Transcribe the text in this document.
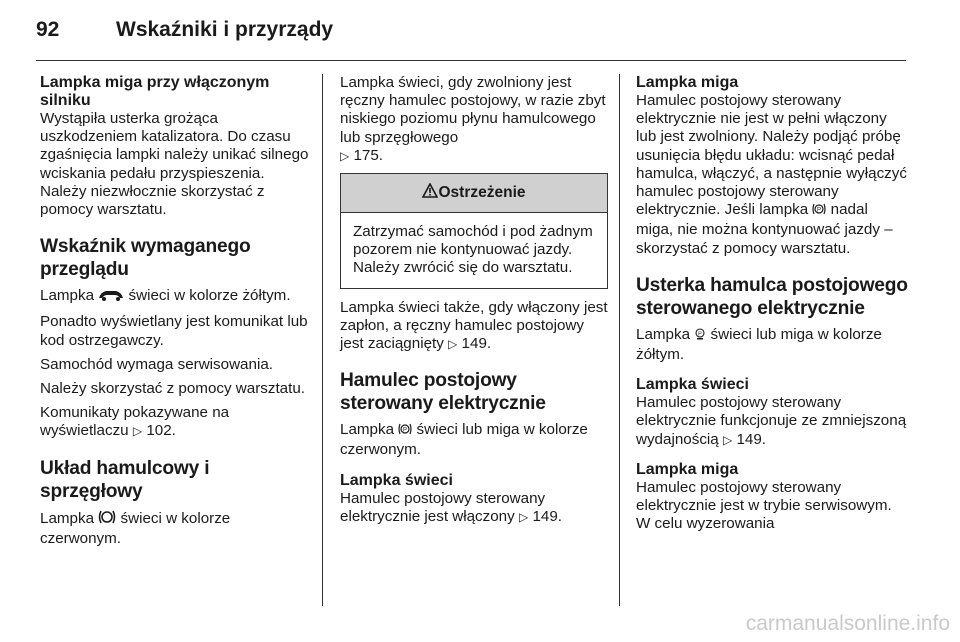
92	Wskaźniki i przyrządy
Lampka miga przy włączonym silniku

Wystąpiła usterka grożąca uszkodzeniem katalizatora. Do czasu zgaśnięcia lampki należy unikać silnego wciskania pedału przyspieszenia. Należy niezwłocznie skorzystać z pomocy warsztatu.

Wskaźnik wymaganego przeglądu

Lampka świeci w kolorze żółtym.

Ponadto wyświetlany jest komunikat lub kod ostrzegawczy.

Samochód wymaga serwisowania.

Należy skorzystać z pomocy warsztatu.

Komunikaty pokazywane na wyświetlaczu ▷ 102.

Układ hamulcowy i sprzęgłowy

Lampka świeci w kolorze czerwonym.

Lampka świeci, gdy zwolniony jest ręczny hamulec postojowy, w razie zbyt niskiego poziomu płynu hamulcowego lub sprzęgłowego
▷ 175.

Ostrzeżenie
Zatrzymać samochód i pod żadnym pozorem nie kontynuować jazdy. Należy zwrócić się do warsztatu.

Lampka świeci także, gdy włączony jest zapłon, a ręczny hamulec postojowy jest zaciągnięty ▷ 149.

Hamulec postojowy sterowany elektrycznie

Lampka P świeci lub miga w kolorze czerwonym.

Lampka świeci

Hamulec postojowy sterowany elektrycznie jest włączony ▷ 149.

Lampka miga

Hamulec postojowy sterowany elektrycznie nie jest w pełni włączony lub jest zwolniony. Należy podjąć próbę usunięcia błędu układu: wcisnąć pedał hamulca, włączyć, a następnie wyłączyć hamulec postojowy sterowany elektrycznie. Jeśli lampka P nadal miga, nie można kontynuować jazdy – skorzystać z pomocy warsztatu.

Usterka hamulca postojowego sterowanego elektrycznie

Lampka P świeci lub miga w kolorze żółtym.

Lampka świeci

Hamulec postojowy sterowany elektrycznie funkcjonuje ze zmniejszoną wydajnością ▷ 149.

Lampka miga

Hamulec postojowy sterowany elektrycznie jest w trybie serwisowym. W celu wyzerowania

carmanualsonline.info
